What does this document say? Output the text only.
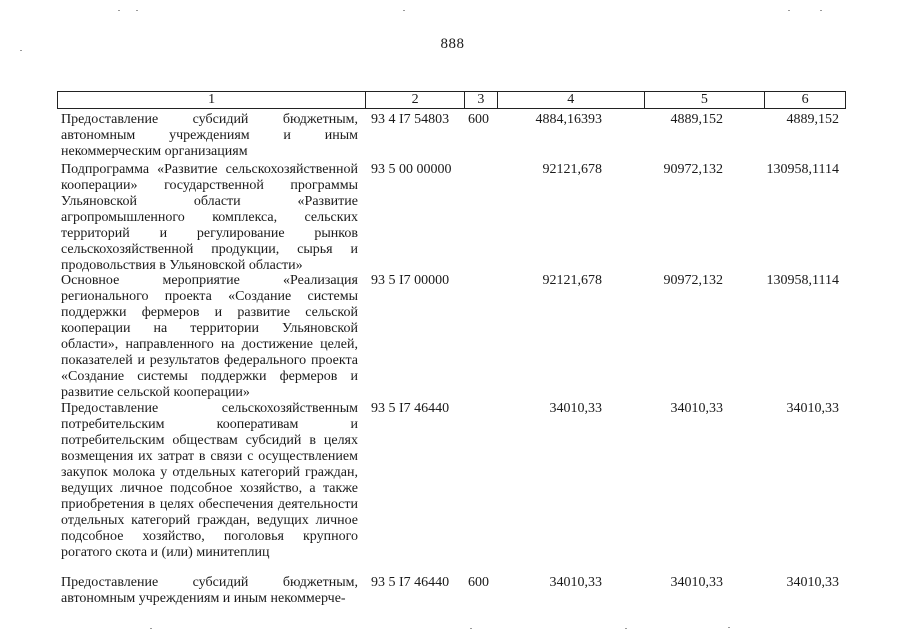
888
1	2	3	4	5	6
Предоставление субсидий бюджетным, автономным учреждениям и иным некоммерческим организациям
93 4 I7 54803 600	4884,16393	4889,152	4889,152
Подпрограмма «Развитие сельскохозяйственной кооперации» государственной программы Ульяновской области «Развитие агропромышленного комплекса, сельских территорий и регулирование рынков сельскохозяйственной продукции, сырья и продовольствия в Ульяновской области»
93 5 00 00000	92121,678	90972,132	130958,1114
Основное мероприятие «Реализация регионального проекта «Создание системы поддержки фермеров и развитие сельской кооперации на территории Ульяновской области», направленного на достижение целей, показателей и результатов федерального проекта «Создание системы поддержки фермеров и развитие сельской кооперации»
93 5 I7 00000	92121,678	90972,132	130958,1114
Предоставление сельскохозяйственным потребительским кооперативам и потребительским обществам субсидий в целях возмещения их затрат в связи с осуществлением закупок молока у отдельных категорий граждан, ведущих личное подсобное хозяйство, а также приобретения в целях обеспечения деятельности отдельных категорий граждан, ведущих личное подсобное хозяйство, поголовья крупного рогатого скота и (или) минитеплиц
93 5 I7 46440	34010,33	34010,33	34010,33
Предоставление субсидий бюджетным, автономным учреждениям и иным некоммерче-
93 5 I7 46440 600	34010,33	34010,33	34010,33
